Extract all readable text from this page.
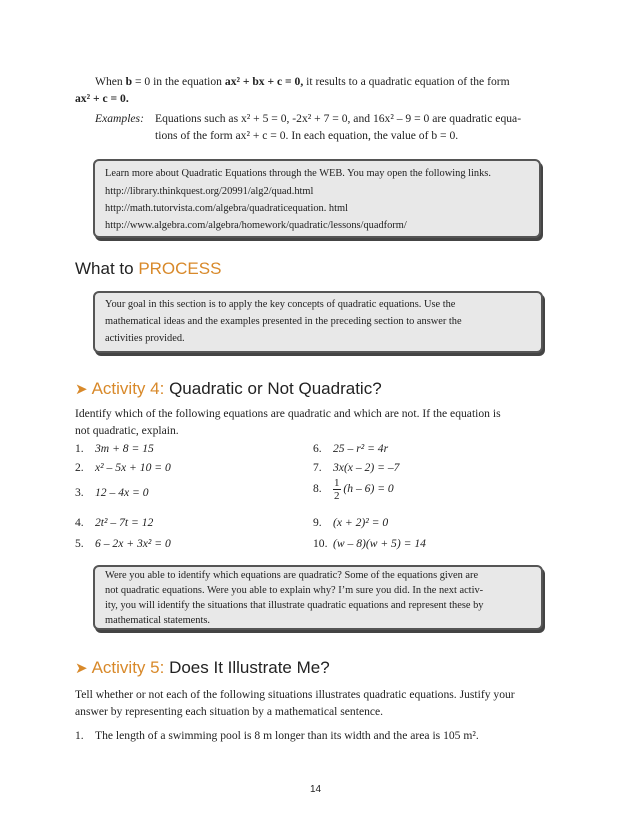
When b = 0 in the equation ax² + bx + c = 0, it results to a quadratic equation of the form
ax² + c = 0.
Examples: Equations such as x² + 5 = 0, -2x² + 7 = 0, and 16x² – 9 = 0 are quadratic equa-
tions of the form ax² + c = 0. In each equation, the value of b = 0.
Learn more about Quadratic Equations through the WEB. You may open the following links.
http://library.thinkquest.org/20991/alg2/quad.html
http://math.tutorvista.com/algebra/quadraticequation. html
http://www.algebra.com/algebra/homework/quadratic/lessons/quadform/
What to PROCESS
Your goal in this section is to apply the key concepts of quadratic equations. Use the
mathematical ideas and the examples presented in the preceding section to answer the
activities provided.
➤ Activity 4: Quadratic or Not Quadratic?
Identify which of the following equations are quadratic and which are not. If the equation is
not quadratic, explain.
1. 3m + 8 = 15
2. x² – 5x + 10 = 0
3. 12 – 4x = 0
4. 2t² – 7t = 12
5. 6 – 2x + 3x² = 0
6. 25 – r² = 4r
7. 3x(x – 2) = –7
8. $\frac{1}{2} (h - 6) = 0$
9. (x + 2)² = 0
10. (w – 8)(w + 5) = 14
Were you able to identify which equations are quadratic? Some of the equations given are
not quadratic equations. Were you able to explain why? I’m sure you did. In the next activ-
ity, you will identify the situations that illustrate quadratic equations and represent these by
mathematical statements.
➤ Activity 5: Does It Illustrate Me?
Tell whether or not each of the following situations illustrates quadratic equations. Justify your
answer by representing each situation by a mathematical sentence.
1. The length of a swimming pool is 8 m longer than its width and the area is 105 m².
14
